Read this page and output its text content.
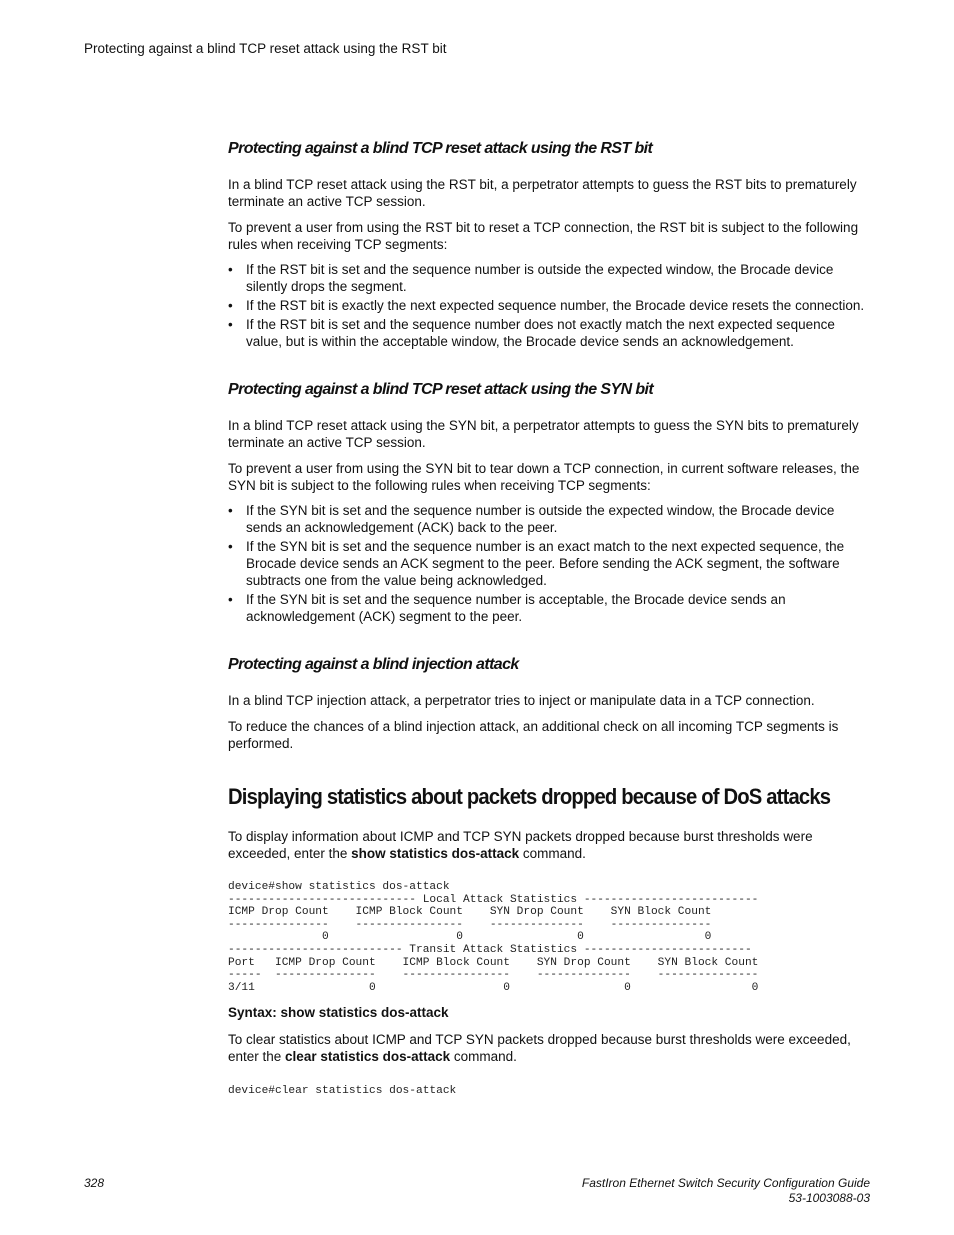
Protecting against a blind TCP reset attack using the RST bit
Protecting against a blind TCP reset attack using the RST bit

In a blind TCP reset attack using the RST bit, a perpetrator attempts to guess the RST bits to prematurely terminate an active TCP session.

To prevent a user from using the RST bit to reset a TCP connection, the RST bit is subject to the following rules when receiving TCP segments:

• If the RST bit is set and the sequence number is outside the expected window, the Brocade device silently drops the segment.
• If the RST bit is exactly the next expected sequence number, the Brocade device resets the connection.
• If the RST bit is set and the sequence number does not exactly match the next expected sequence value, but is within the acceptable window, the Brocade device sends an acknowledgement.
Protecting against a blind TCP reset attack using the SYN bit

In a blind TCP reset attack using the SYN bit, a perpetrator attempts to guess the SYN bits to prematurely terminate an active TCP session.

To prevent a user from using the SYN bit to tear down a TCP connection, in current software releases, the SYN bit is subject to the following rules when receiving TCP segments:

• If the SYN bit is set and the sequence number is outside the expected window, the Brocade device sends an acknowledgement (ACK) back to the peer.
• If the SYN bit is set and the sequence number is an exact match to the next expected sequence, the Brocade device sends an ACK segment to the peer. Before sending the ACK segment, the software subtracts one from the value being acknowledged.
• If the SYN bit is set and the sequence number is acceptable, the Brocade device sends an acknowledgement (ACK) segment to the peer.
Protecting against a blind injection attack

In a blind TCP injection attack, a perpetrator tries to inject or manipulate data in a TCP connection.

To reduce the chances of a blind injection attack, an additional check on all incoming TCP segments is performed.

Displaying statistics about packets dropped because of DoS attacks

To display information about ICMP and TCP SYN packets dropped because burst thresholds were exceeded, enter the show statistics dos-attack command.

device#show statistics dos-attack
---------------------------- Local Attack Statistics --------------------------
ICMP Drop Count    ICMP Block Count    SYN Drop Count    SYN Block Count
---------------    ----------------    --------------    ---------------
0                   0                 0                  0
-------------------------- Transit Attack Statistics -------------------------
Port   ICMP Drop Count    ICMP Block Count    SYN Drop Count    SYN Block Count
-----  ---------------    ----------------    --------------    ---------------
3/11                 0                   0                 0                  0

Syntax: show statistics dos-attack

To clear statistics about ICMP and TCP SYN packets dropped because burst thresholds were exceeded, enter the clear statistics dos-attack command.

device#clear statistics dos-attack
328	FastIron Ethernet Switch Security Configuration Guide
53-1003088-03
